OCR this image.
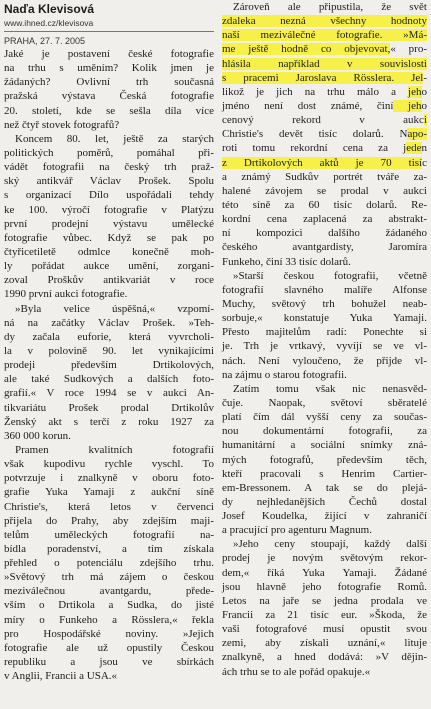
Naďa Klevisová

www.ihned.cz/klevisova

PRAHA, 27. 7. 2005

Jaké je postavení české fotografie
na trhu s uměním? Kolik jmen je
žádaných? Ovlivní trh současná
pražská výstava Česká fotografie
20. století, kde se sešla díla více
než čtyř stovek fotografů?
Koncem 80. let, ještě za starých
politických poměrů, pomáhal při-
vádět fotografii na český trh praž-
ský antikvář Václav Prošek. Spolu
s organizací Dílo uspořádali tehdy
ke 100. výročí fotografie v Platýzu
první prodejní výstavu umělecké
fotografie vůbec. Když se pak po
čtyřicetiletě odmlce konečně moh-
ly pořádat aukce umění, zorgani-
zoval Proškův antikvariát v roce
1990 první aukci fotografie.
»Byla velice úspěšná,« vzpomí-
ná na začátky Václav Prošek. »Teh-
dy začala euforie, která vyvrcholi-
la v polovině 90. let vynikajícími
prodeji především Drtikolových,
ale také Sudkových a dalších foto-
grafií.« V roce 1994 se v aukci An-
tikvariátu Prošek prodal Drtikolův
Ženský akt s terčí z roku 1927 za
360 000 korun.
Pramen kvalitních fotografií
však kupodivu rychle vyschl. To
potvrzuje i znalkyně v oboru foto-
grafie Yuka Yamaji z aukční síně
Christie's, která letos v červenci
přijela do Prahy, aby zdejším maji-
telům uměleckých fotografií na-
bídla poradenství, a tím získala
přehled o potenciálu zdejšího trhu.
»Světový trh má zájem o českou
meziválečnou avantgardu, přede-
vším o Drtikola a Sudka, do jisté
míry o Funkeho a Rösslera,« řekla
pro Hospodářské noviny. »Jejich
fotografie ale už opustily Českou
republiku a jsou ve sbírkách
v Anglii, Francii a USA.«
Zároveň ale připustila, že svět
zdaleka nezná všechny hodnoty
naší meziválečné fotografie. »Má-
me ještě hodně co objevovat,« pro-
hlásila například v souvislosti
s pracemi Jaroslava Rösslera. Jel-
likož je jich na trhu málo a jeho
jméno není dost známé, činí jeho
cenový rekord v aukci
Christie's devět tisíc dolarů. Napo-
roti tomu rekordní cena za jeden
z Drtikolových aktů je 70 tisíc
a známý Sudkův portrét tváře za-
halené závojem se prodal v aukci
této síně za 60 tisíc dolarů. Re-
kordní cena zaplacená za abstrakt-
ní kompozici dalšího žádaného
českého avantgardisty, Jaromíra
Funkeho, činí 33 tisíc dolarů.
»Starší českou fotografii, včetně
fotografií slavného malíře Alfonse
Muchy, světový trh bohužel neab-
sorbuje,« konstatuje Yuka Yamaji.
Přesto majitelům radí: Ponechte si
je. Trh je vrtkavý, vyvíjí se ve vl-
nách. Není vyloučeno, že přijde vl-
na zájmu o starou fotografii.
Zatím tomu však nic nenasvěd-
čuje. Naopak, světoví sběratelé
platí čím dál vyšší ceny za součas-
nou dokumentární fotografii, za
humanitární a sociální snímky zná-
mých fotografů, především těch,
kteří pracovali s Henrim Cartier-
em-Bressonem. A tak se do plejá-
dy nejhledanějších Čechů dostal
Josef Koudelka, žijící v zahraničí
a pracující pro agenturu Magnum.
»Jeho ceny stoupají, každý další
prodej je novým světovým rekor-
dem,« říká Yuka Yamaji. Žádané
jsou hlavně jeho fotografie Romů.
Letos na jaře se jedna prodala ve
Francii za 21 tisíc eur. »Škoda, že
vaši fotografové musí opustit svou
zemi, aby získali uznání,« lituje
znalkyně, a hned dodává: »V dějin-
ách trhu se to ale pořád opakuje.«
